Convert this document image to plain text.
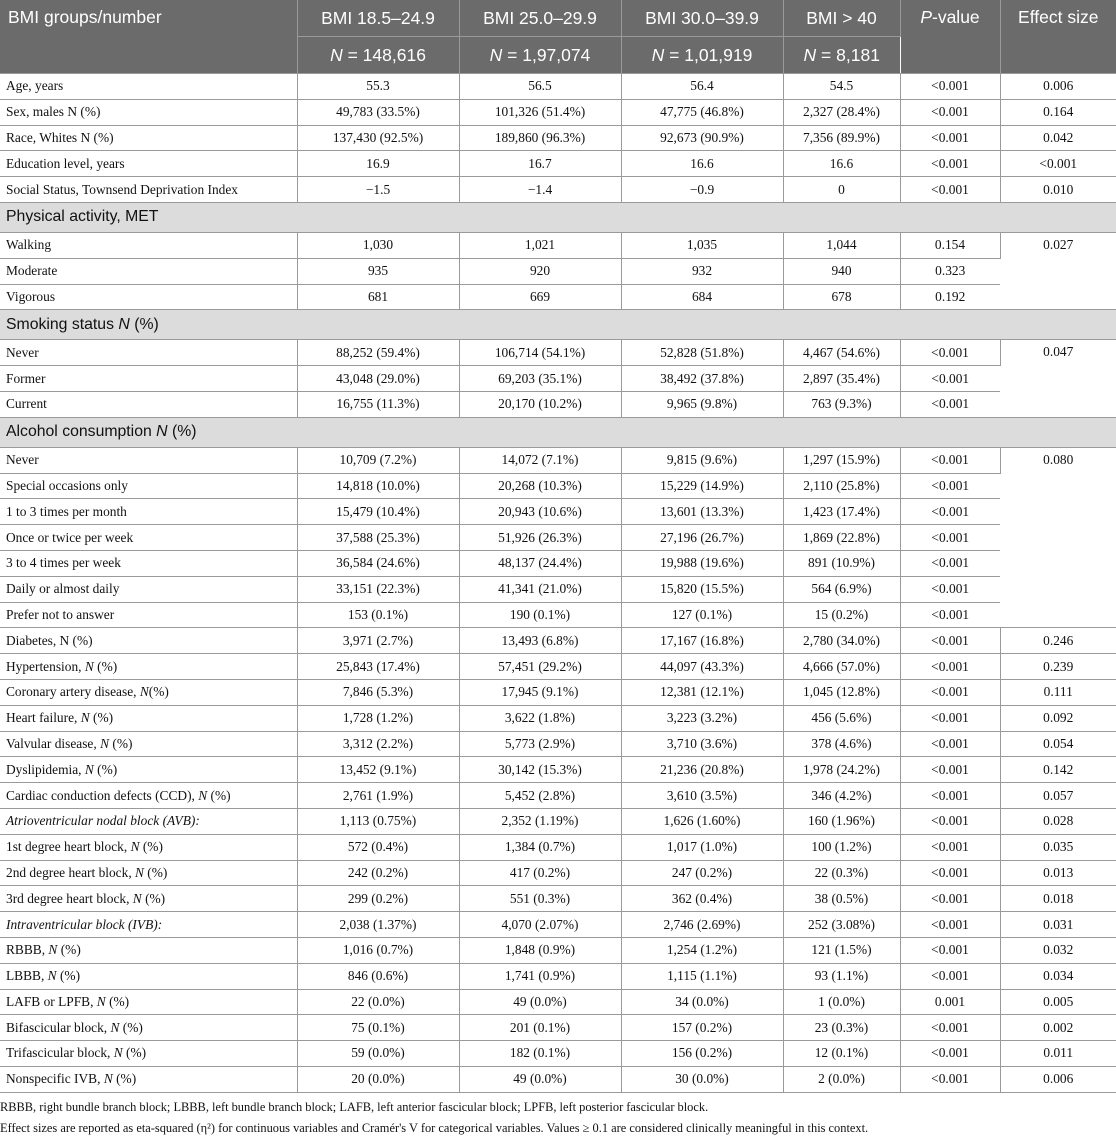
BMI groups/number	BMI 18.5–24.9	BMI 25.0–29.9	BMI 30.0–39.9	BMI > 40	P-value	Effect size
	N = 148,616	N = 1,97,074	N = 1,01,919	N = 8,181		
Age, years	55.3	56.5	56.4	54.5	<0.001	0.006
Sex, males N (%)	49,783 (33.5%)	101,326 (51.4%)	47,775 (46.8%)	2,327 (28.4%)	<0.001	0.164
Race, Whites N (%)	137,430 (92.5%)	189,860 (96.3%)	92,673 (90.9%)	7,356 (89.9%)	<0.001	0.042
Education level, years	16.9	16.7	16.6	16.6	<0.001	<0.001
Social Status, Townsend Deprivation Index	−1.5	−1.4	−0.9	0	<0.001	0.010
Physical activity, MET						
Walking	1,030	1,021	1,035	1,044	0.154	0.027
Moderate	935	920	932	940	0.323	
Vigorous	681	669	684	678	0.192	
Smoking status N (%)						
Never	88,252 (59.4%)	106,714 (54.1%)	52,828 (51.8%)	4,467 (54.6%)	<0.001	0.047
Former	43,048 (29.0%)	69,203 (35.1%)	38,492 (37.8%)	2,897 (35.4%)	<0.001	
Current	16,755 (11.3%)	20,170 (10.2%)	9,965 (9.8%)	763 (9.3%)	<0.001	
Alcohol consumption N (%)						
Never	10,709 (7.2%)	14,072 (7.1%)	9,815 (9.6%)	1,297 (15.9%)	<0.001	0.080
Special occasions only	14,818 (10.0%)	20,268 (10.3%)	15,229 (14.9%)	2,110 (25.8%)	<0.001	
1 to 3 times per month	15,479 (10.4%)	20,943 (10.6%)	13,601 (13.3%)	1,423 (17.4%)	<0.001	
Once or twice per week	37,588 (25.3%)	51,926 (26.3%)	27,196 (26.7%)	1,869 (22.8%)	<0.001	
3 to 4 times per week	36,584 (24.6%)	48,137 (24.4%)	19,988 (19.6%)	891 (10.9%)	<0.001	
Daily or almost daily	33,151 (22.3%)	41,341 (21.0%)	15,820 (15.5%)	564 (6.9%)	<0.001	
Prefer not to answer	153 (0.1%)	190 (0.1%)	127 (0.1%)	15 (0.2%)	<0.001	
Diabetes, N (%)	3,971 (2.7%)	13,493 (6.8%)	17,167 (16.8%)	2,780 (34.0%)	<0.001	0.246
Hypertension, N (%)	25,843 (17.4%)	57,451 (29.2%)	44,097 (43.3%)	4,666 (57.0%)	<0.001	0.239
Coronary artery disease, N(%)	7,846 (5.3%)	17,945 (9.1%)	12,381 (12.1%)	1,045 (12.8%)	<0.001	0.111
Heart failure, N (%)	1,728 (1.2%)	3,622 (1.8%)	3,223 (3.2%)	456 (5.6%)	<0.001	0.092
Valvular disease, N (%)	3,312 (2.2%)	5,773 (2.9%)	3,710 (3.6%)	378 (4.6%)	<0.001	0.054
Dyslipidemia, N (%)	13,452 (9.1%)	30,142 (15.3%)	21,236 (20.8%)	1,978 (24.2%)	<0.001	0.142
Cardiac conduction defects (CCD), N (%)	2,761 (1.9%)	5,452 (2.8%)	3,610 (3.5%)	346 (4.2%)	<0.001	0.057
Atrioventricular nodal block (AVB):	1,113 (0.75%)	2,352 (1.19%)	1,626 (1.60%)	160 (1.96%)	<0.001	0.028
1st degree heart block, N (%)	572 (0.4%)	1,384 (0.7%)	1,017 (1.0%)	100 (1.2%)	<0.001	0.035
2nd degree heart block, N (%)	242 (0.2%)	417 (0.2%)	247 (0.2%)	22 (0.3%)	<0.001	0.013
3rd degree heart block, N (%)	299 (0.2%)	551 (0.3%)	362 (0.4%)	38 (0.5%)	<0.001	0.018
Intraventricular block (IVB):	2,038 (1.37%)	4,070 (2.07%)	2,746 (2.69%)	252 (3.08%)	<0.001	0.031
RBBB, N (%)	1,016 (0.7%)	1,848 (0.9%)	1,254 (1.2%)	121 (1.5%)	<0.001	0.032
LBBB, N (%)	846 (0.6%)	1,741 (0.9%)	1,115 (1.1%)	93 (1.1%)	<0.001	0.034
LAFB or LPFB, N (%)	22 (0.0%)	49 (0.0%)	34 (0.0%)	1 (0.0%)	0.001	0.005
Bifascicular block, N (%)	75 (0.1%)	201 (0.1%)	157 (0.2%)	23 (0.3%)	<0.001	0.002
Trifascicular block, N (%)	59 (0.0%)	182 (0.1%)	156 (0.2%)	12 (0.1%)	<0.001	0.011
Nonspecific IVB, N (%)	20 (0.0%)	49 (0.0%)	30 (0.0%)	2 (0.0%)	<0.001	0.006
RBBB, right bundle branch block; LBBB, left bundle branch block; LAFB, left anterior fascicular block; LPFB, left posterior fascicular block.
Effect sizes are reported as eta-squared (η²) for continuous variables and Cramér's V for categorical variables. Values ≥ 0.1 are considered clinically meaningful in this context.
